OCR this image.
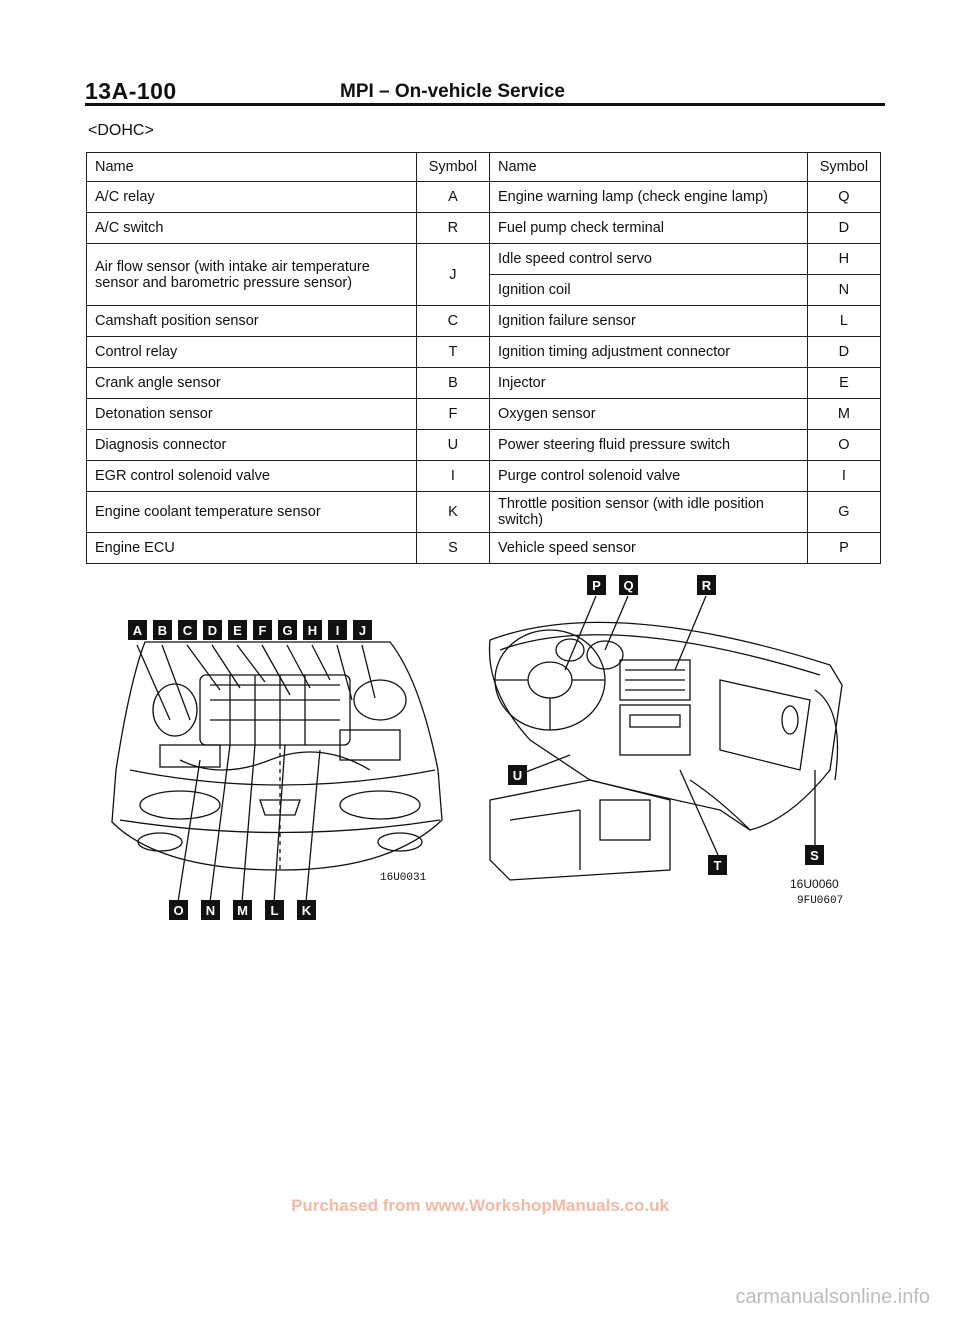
13A-100	MPI – On-vehicle Service
<DOHC>
Name	Symbol	Name	Symbol
A/C relay	A	Engine warning lamp (check engine lamp)	Q
A/C switch	R	Fuel pump check terminal	D
Air flow sensor (with intake air temperature sensor and barometric pressure sensor)	J	Idle speed control servo	H
		Ignition coil	N
Camshaft position sensor	C	Ignition failure sensor	L
Control relay	T	Ignition timing adjustment connector	D
Crank angle sensor	B	Injector	E
Detonation sensor	F	Oxygen sensor	M
Diagnosis connector	U	Power steering fluid pressure switch	O
EGR control solenoid valve	I	Purge control solenoid valve	I
Engine coolant temperature sensor	K	Throttle position sensor (with idle position switch)	G
Engine ECU	S	Vehicle speed sensor	P
A B C D E F G H I J
O N M L K
16U0031
P Q	R
U
T
S
16U0060
9FU0607
Purchased from www.WorkshopManuals.co.uk
carmanualsonline.info
